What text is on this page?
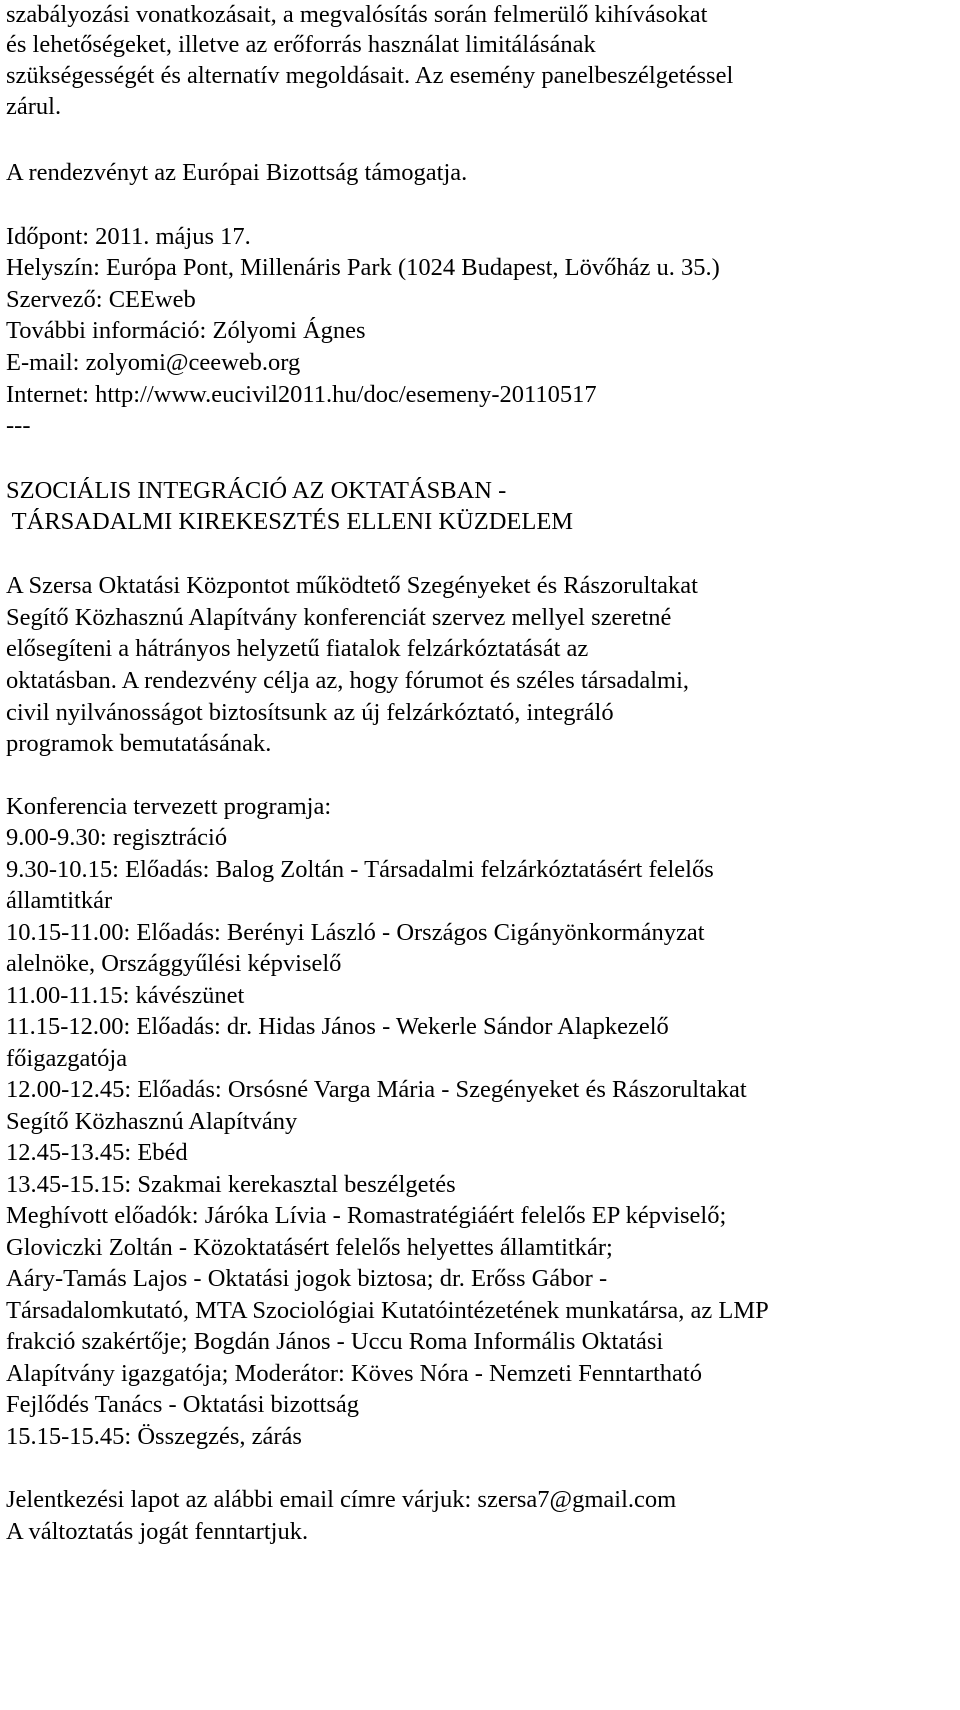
szabályozási vonatkozásait, a megvalósítás során felmerülő kihívásokat
és lehetőségeket, illetve az erőforrás használat limitálásának
szükségességét és alternatív megoldásait. Az esemény panelbeszélgetéssel
zárul.
A rendezvényt az Európai Bizottság támogatja.
Időpont: 2011. május 17.
Helyszín: Európa Pont, Millenáris Park (1024 Budapest, Lövőház u. 35.)
Szervező: CEEweb
További információ: Zólyomi Ágnes
E-mail: zolyomi@ceeweb.org
Internet: http://www.eucivil2011.hu/doc/esemeny-20110517
---
SZOCIÁLIS INTEGRÁCIÓ AZ OKTATÁSBAN -
TÁRSADALMI KIREKESZTÉS ELLENI KÜZDELEM
A Szersa Oktatási Központot működtető Szegényeket és Rászorultakat
Segítő Közhasznú Alapítvány konferenciát szervez mellyel szeretné
elősegíteni a hátrányos helyzetű fiatalok felzárkóztatását az
oktatásban. A rendezvény célja az, hogy fórumot és széles társadalmi,
civil nyilvánosságot biztosítsunk az új felzárkóztató, integráló
programok bemutatásának.
Konferencia tervezett programja:
9.00-9.30: regisztráció
9.30-10.15: Előadás: Balog Zoltán - Társadalmi felzárkóztatásért felelős
államtitkár
10.15-11.00: Előadás: Berényi László - Országos Cigányönkormányzat
alelnöke, Országgyűlési képviselő
11.00-11.15: kávészünet
11.15-12.00: Előadás: dr. Hidas János - Wekerle Sándor Alapkezelő
főigazgatója
12.00-12.45: Előadás: Orsósné Varga Mária - Szegényeket és Rászorultakat
Segítő Közhasznú Alapítvány
12.45-13.45: Ebéd
13.45-15.15: Szakmai kerekasztal beszélgetés
Meghívott előadók: Járóka Lívia - Romastratégiáért felelős EP képviselő;
Gloviczki Zoltán - Közoktatásért felelős helyettes államtitkár;
Aáry-Tamás Lajos - Oktatási jogok biztosa; dr. Erőss Gábor -
Társadalomkutató, MTA Szociológiai Kutatóintézetének munkatársa, az LMP
frakció szakértője; Bogdán János - Uccu Roma Informális Oktatási
Alapítvány igazgatója; Moderátor: Köves Nóra - Nemzeti Fenntartható
Fejlődés Tanács - Oktatási bizottság
15.15-15.45: Összegzés, zárás
Jelentkezési lapot az alábbi email címre várjuk: szersa7@gmail.com
A változtatás jogát fenntartjuk.
